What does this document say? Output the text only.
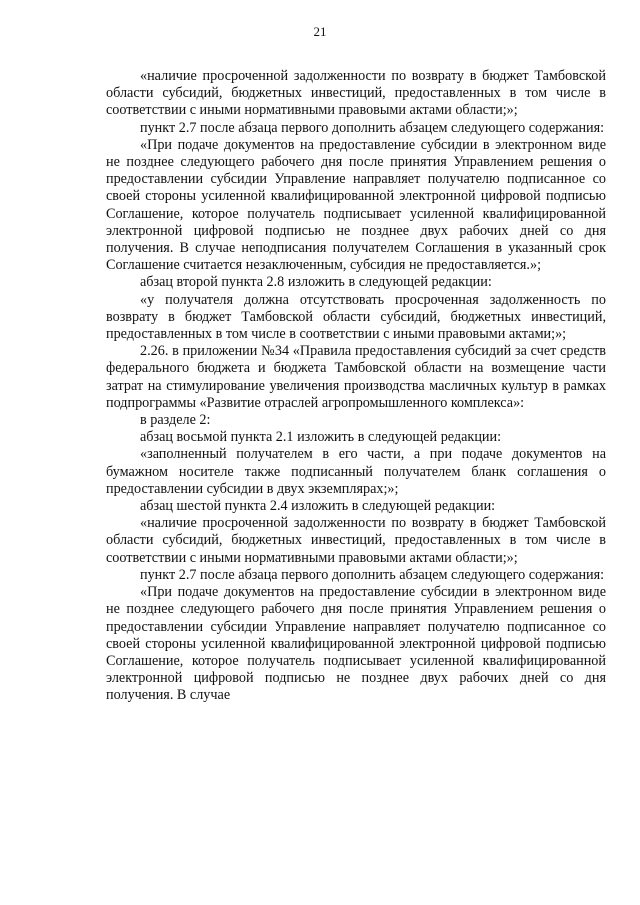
21

«наличие просроченной задолженности по возврату в бюджет Тамбовской области субсидий, бюджетных инвестиций, предоставленных в том числе в соответствии с иными нормативными правовыми актами области;»;

пункт 2.7 после абзаца первого дополнить абзацем следующего содержания:

«При подаче документов на предоставление субсидии в электронном виде не позднее следующего рабочего дня после принятия Управлением решения о предоставлении субсидии Управление направляет получателю подписанное со своей стороны усиленной квалифицированной электронной цифровой подписью Соглашение, которое получатель подписывает усиленной квалифицированной электронной цифровой подписью не позднее двух рабочих дней со дня получения. В случае неподписания получателем Соглашения в указанный срок Соглашение считается незаключенным, субсидия не предоставляется.»;

абзац второй пункта 2.8 изложить в следующей редакции:

«у получателя должна отсутствовать просроченная задолженность по возврату в бюджет Тамбовской области субсидий, бюджетных инвестиций, предоставленных в том числе в соответствии с иными правовыми актами;»;

2.26. в приложении №34 «Правила предоставления субсидий за счет средств федерального бюджета и бюджета Тамбовской области на возмещение части затрат на стимулирование увеличения производства масличных культур в рамках подпрограммы «Развитие отраслей агропромышленного комплекса»:

в разделе 2:

абзац восьмой пункта 2.1 изложить в следующей редакции:

«заполненный получателем в его части, а при подаче документов на бумажном носителе также подписанный получателем бланк соглашения о предоставлении субсидии в двух экземплярах;»;

абзац шестой пункта 2.4 изложить в следующей редакции:

«наличие просроченной задолженности по возврату в бюджет Тамбовской области субсидий, бюджетных инвестиций, предоставленных в том числе в соответствии с иными нормативными правовыми актами области;»;

пункт 2.7 после абзаца первого дополнить абзацем следующего содержания:

«При подаче документов на предоставление субсидии в электронном виде не позднее следующего рабочего дня после принятия Управлением решения о предоставлении субсидии Управление направляет получателю подписанное со своей стороны усиленной квалифицированной электронной цифровой подписью Соглашение, которое получатель подписывает усиленной квалифицированной электронной цифровой подписью не позднее двух рабочих дней со дня получения. В случае
